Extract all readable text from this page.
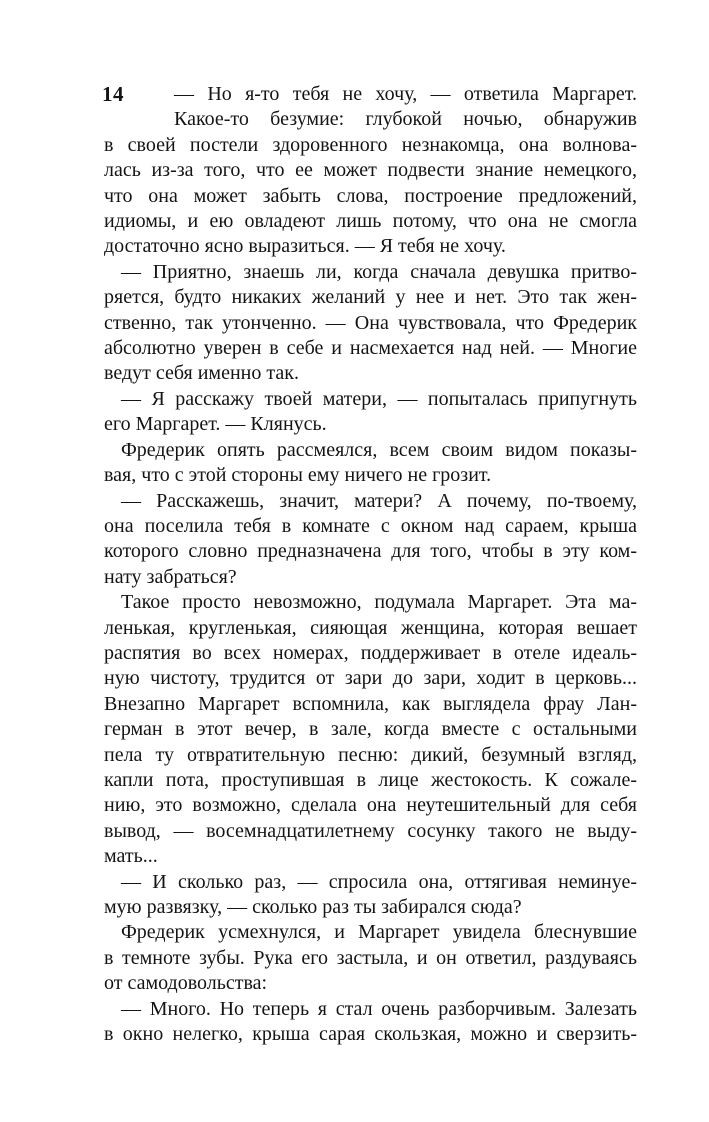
14	— Но я-то тебя не хочу, — ответила Маргарет.
Какое-то безумие: глубокой ночью, обнаружив
в своей постели здоровенного незнакомца, она волнова-
лась из-за того, что ее может подвести знание немецкого,
что она может забыть слова, построение предложений,
идиомы, и ею овладеют лишь потому, что она не смогла
достаточно ясно выразиться. — Я тебя не хочу.
— Приятно, знаешь ли, когда сначала девушка притво-
ряется, будто никаких желаний у нее и нет. Это так жен-
ственно, так утонченно. — Она чувствовала, что Фредерик
абсолютно уверен в себе и насмехается над ней. — Многие
ведут себя именно так.
— Я расскажу твоей матери, — попыталась припугнуть
его Маргарет. — Клянусь.
Фредерик опять рассмеялся, всем своим видом показы-
вая, что с этой стороны ему ничего не грозит.
— Расскажешь, значит, матери? А почему, по-твоему,
она поселила тебя в комнате с окном над сараем, крыша
которого словно предназначена для того, чтобы в эту ком-
нату забраться?
Такое просто невозможно, подумала Маргарет. Эта ма-
ленькая, кругленькая, сияющая женщина, которая вешает
распятия во всех номерах, поддерживает в отеле идеаль-
ную чистоту, трудится от зари до зари, ходит в церковь...
Внезапно Маргарет вспомнила, как выглядела фрау Лан-
герман в этот вечер, в зале, когда вместе с остальными
пела ту отвратительную песню: дикий, безумный взгляд,
капли пота, проступившая в лице жестокость. К сожале-
нию, это возможно, сделала она неутешительный для себя
вывод, — восемнадцатилетнему сосунку такого не выду-
мать...
— И сколько раз, — спросила она, оттягивая неминуе-
мую развязку, — сколько раз ты забирался сюда?
Фредерик усмехнулся, и Маргарет увидела блеснувшие
в темноте зубы. Рука его застыла, и он ответил, раздуваясь
от самодовольства:
— Много. Но теперь я стал очень разборчивым. Залезать
в окно нелегко, крыша сарая скользкая, можно и сверзить-
